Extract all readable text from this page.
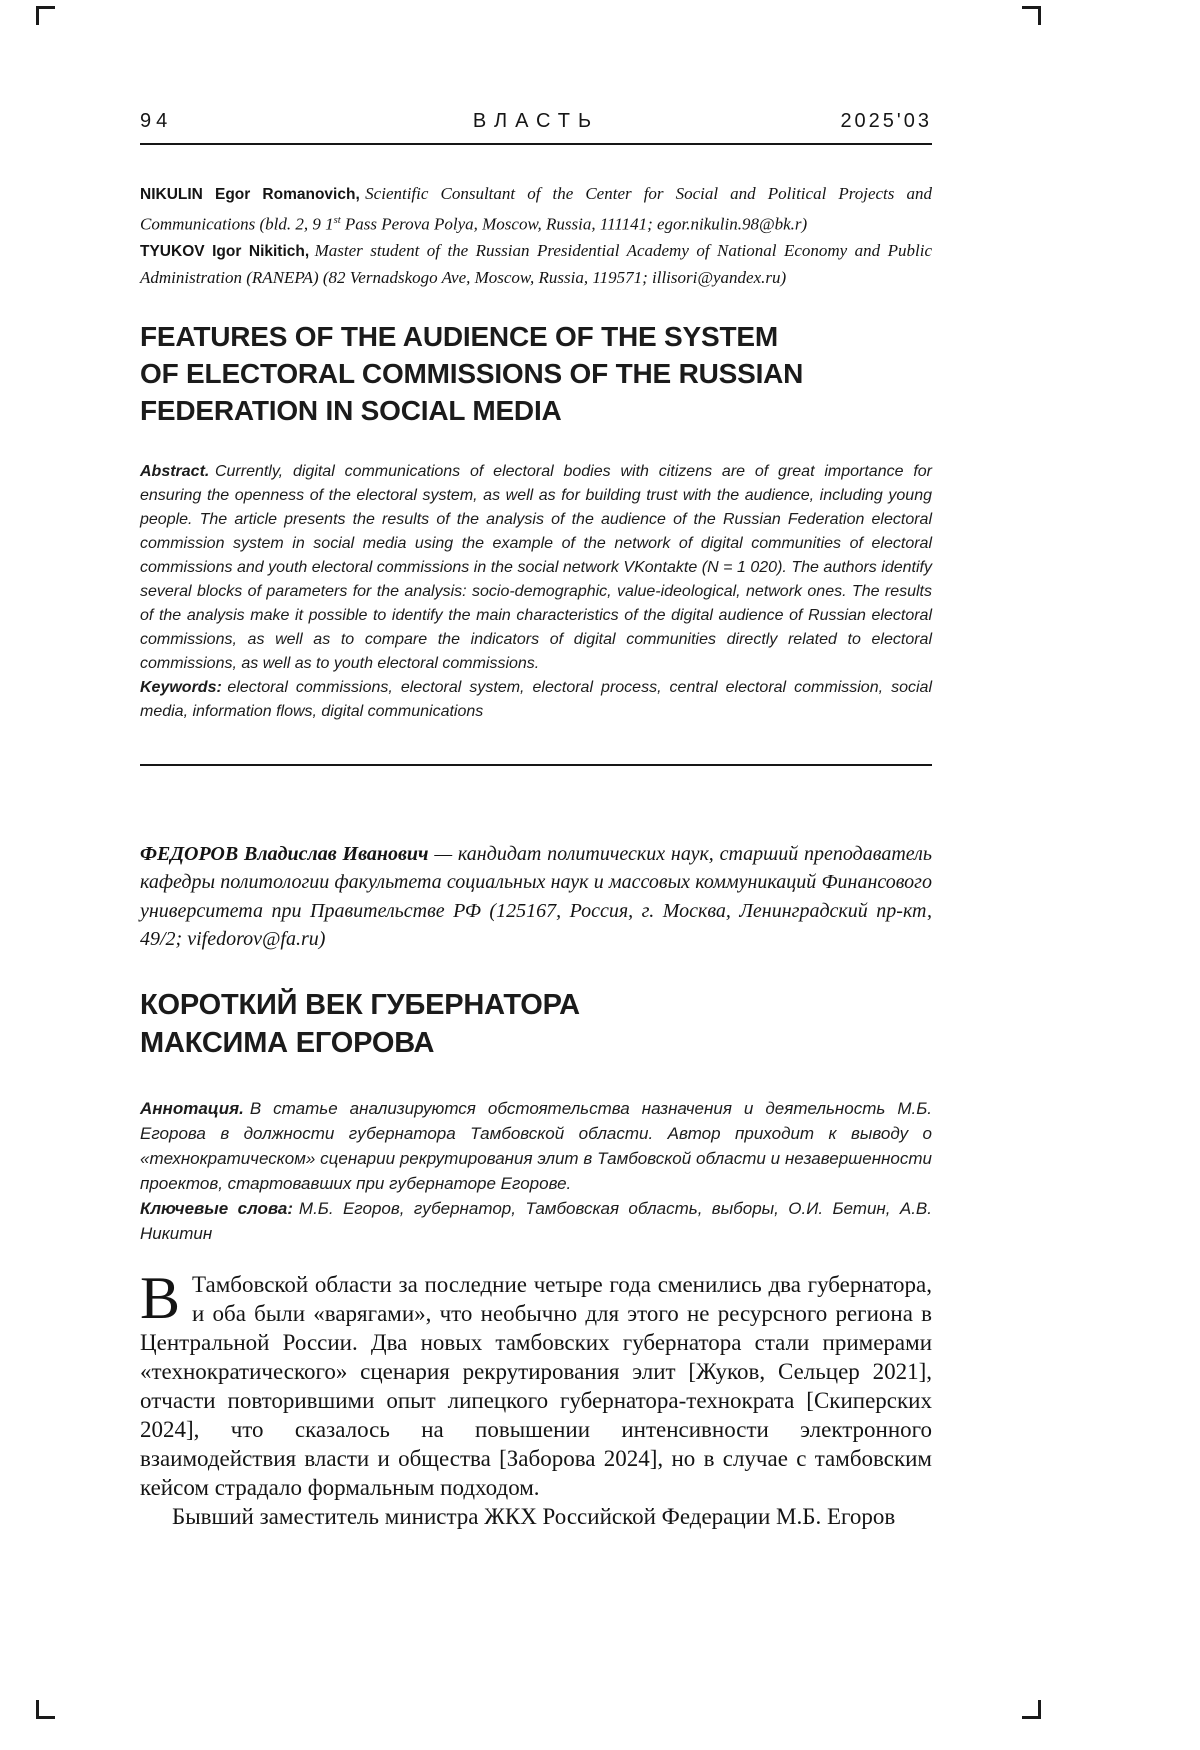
94	ВЛАСТЬ	2025'03

NIKULIN Egor Romanovich, Scientific Consultant of the Center for Social and Political Projects and Communications (bld. 2, 9 1st Pass Perova Polya, Moscow, Russia, 111141; egor.nikulin.98@bk.r)

TYUKOV Igor Nikitich, Master student of the Russian Presidential Academy of National Economy and Public Administration (RANEPA) (82 Vernadskogo Ave, Moscow, Russia, 119571; illisori@yandex.ru)

FEATURES OF THE AUDIENCE OF THE SYSTEM
OF ELECTORAL COMMISSIONS OF THE RUSSIAN
FEDERATION IN SOCIAL MEDIA

Abstract. Currently, digital communications of electoral bodies with citizens are of great importance for ensuring the openness of the electoral system, as well as for building trust with the audience, including young people. The article presents the results of the analysis of the audience of the Russian Federation electoral commission system in social media using the example of the network of digital communities of electoral commissions and youth electoral commissions in the social network VKontakte (N = 1 020). The authors identify several blocks of parameters for the analysis: socio-demographic, value-ideological, network ones. The results of the analysis make it possible to identify the main characteristics of the digital audience of Russian electoral commissions, as well as to compare the indicators of digital communities directly related to electoral commissions, as well as to youth electoral commissions.

Keywords: electoral commissions, electoral system, electoral process, central electoral commission, social media, information flows, digital communications

ФЕДОРОВ Владислав Иванович — кандидат политических наук, старший преподаватель кафедры политологии факультета социальных наук и массовых коммуникаций Финансового университета при Правительстве РФ (125167, Россия, г. Москва, Ленинградский пр-кт, 49/2; vifedorov@fa.ru)

КОРОТКИЙ ВЕК ГУБЕРНАТОРА
МАКСИМА ЕГОРОВА

Аннотация. В статье анализируются обстоятельства назначения и деятельность М.Б. Егорова в должности губернатора Тамбовской области. Автор приходит к выводу о «технократическом» сценарии рекрутирования элит в Тамбовской области и незавершенности проектов, стартовавших при губернаторе Егорове.

Ключевые слова: М.Б. Егоров, губернатор, Тамбовская область, выборы, О.И. Бетин, А.В. Никитин

В Тамбовской области за последние четыре года сменились два губернатора, и оба были «варягами», что необычно для этого не ресурсного региона в Центральной России. Два новых тамбовских губернатора стали примерами «технократического» сценария рекрутирования элит [Жуков, Сельцер 2021], отчасти повторившими опыт липецкого губернатора-технократа [Скиперских 2024], что сказалось на повышении интенсивности электронного взаимодействия власти и общества [Заборова 2024], но в случае с тамбовским кейсом страдало формальным подходом.

Бывший заместитель министра ЖКХ Российской Федерации М.Б. Егоров
